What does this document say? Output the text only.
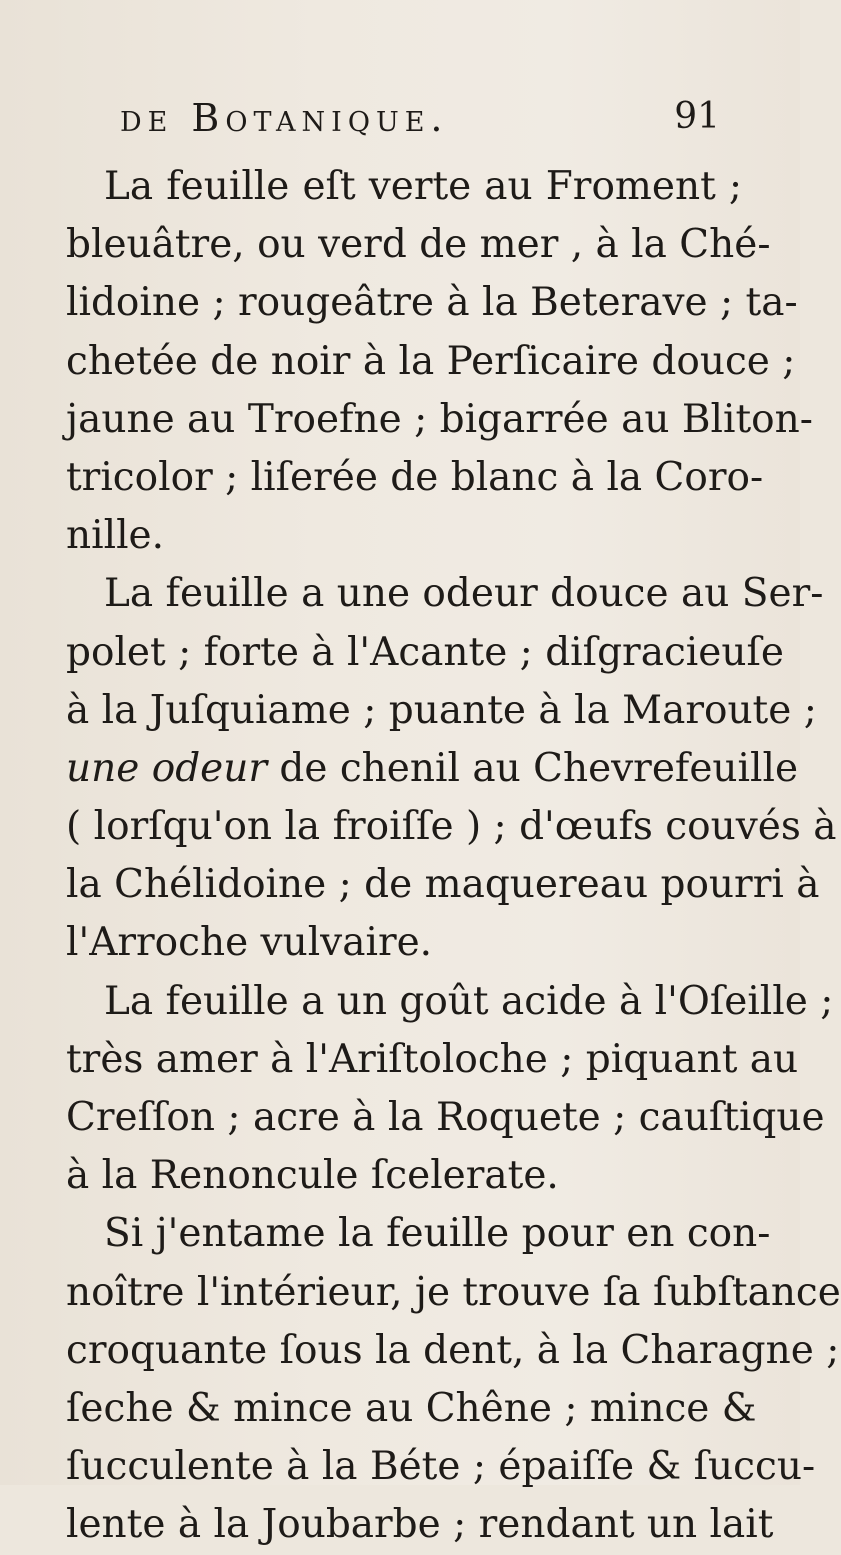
de Botanique.	91
La feuille eſt verte au Froment ;
bleuâtre, ou verd de mer , à la Ché-
lidoine ; rougeâtre à la Beterave ; ta-
chetée de noir à la Perſicaire douce ;
jaune au Troefne ; bigarrée au Bliton-
tricolor ; liſerée de blanc à la Coro-
nille.
La feuille a une odeur douce au Ser-
polet ; forte à l'Acante ; diſgracieuſe
à la Juſquiame ; puante à la Maroute ;
une odeur de chenil au Chevrefeuille
( lorſqu'on la froiſſe ) ; d'œufs couvés à
la Chélidoine ; de maquereau pourri à
l'Arroche vulvaire.
La feuille a un goût acide à l'Oſeille ;
très amer à l'Ariſtoloche ; piquant au
Creſſon ; acre à la Roquete ; cauſtique
à la Renoncule ſcelerate.
Si j'entame la feuille pour en con-
noître l'intérieur, je trouve ſa ſubſtance
croquante ſous la dent, à la Charagne ;
ſeche & mince au Chêne ; mince &
ſucculente à la Béte ; épaiſſe & ſuccu-
lente à la Joubarbe ; rendant un lait
